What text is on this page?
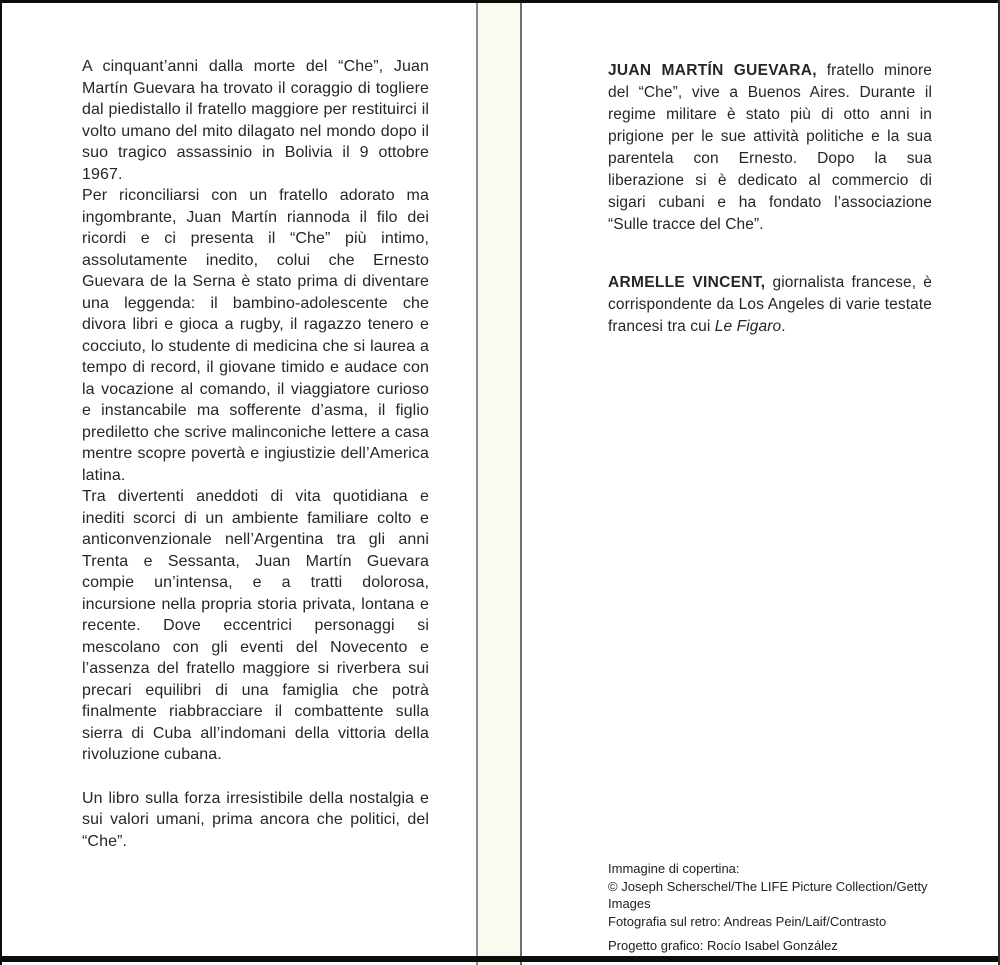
A cinquant’anni dalla morte del “Che”, Juan Martín Guevara ha trovato il coraggio di togliere dal piedistallo il fratello maggiore per restituirci il volto umano del mito dilagato nel mondo dopo il suo tragico assassinio in Bolivia il 9 ottobre 1967.

Per riconciliarsi con un fratello adorato ma ingombrante, Juan Martín riannoda il filo dei ricordi e ci presenta il “Che” più intimo, assolutamente inedito, colui che Ernesto Guevara de la Serna è stato prima di diventare una leggenda: il bambino-adolescente che divora libri e gioca a rugby, il ragazzo tenero e cocciuto, lo studente di medicina che si laurea a tempo di record, il giovane timido e audace con la vocazione al comando, il viaggiatore curioso e instancabile ma sofferente d’asma, il figlio prediletto che scrive malinconiche lettere a casa mentre scopre povertà e ingiustizie dell’America latina.

Tra divertenti aneddoti di vita quotidiana e inediti scorci di un ambiente familiare colto e anticonvenzionale nell’Argentina tra gli anni Trenta e Sessanta, Juan Martín Guevara compie un’intensa, e a tratti dolorosa, incursione nella propria storia privata, lontana e recente. Dove eccentrici personaggi si mescolano con gli eventi del Novecento e l’assenza del fratello maggiore si riverbera sui precari equilibri di una famiglia che potrà finalmente riabbracciare il combattente sulla sierra di Cuba all’indomani della vittoria della rivoluzione cubana.

Un libro sulla forza irresistibile della nostalgia e sui valori umani, prima ancora che politici, del “Che”.

JUAN MARTÍN GUEVARA, fratello minore del “Che”, vive a Buenos Aires. Durante il regime militare è stato più di otto anni in prigione per le sue attività politiche e la sua parentela con Ernesto. Dopo la sua liberazione si è dedicato al commercio di sigari cubani e ha fondato l’associazione “Sulle tracce del Che”.

ARMELLE VINCENT, giornalista francese, è corrispondente da Los Angeles di varie testate francesi tra cui Le Figaro.

Immagine di copertina:
© Joseph Scherschel/The LIFE Picture Collection/Getty Images
Fotografia sul retro: Andreas Pein/Laif/Contrasto
Progetto grafico: Rocío Isabel González
